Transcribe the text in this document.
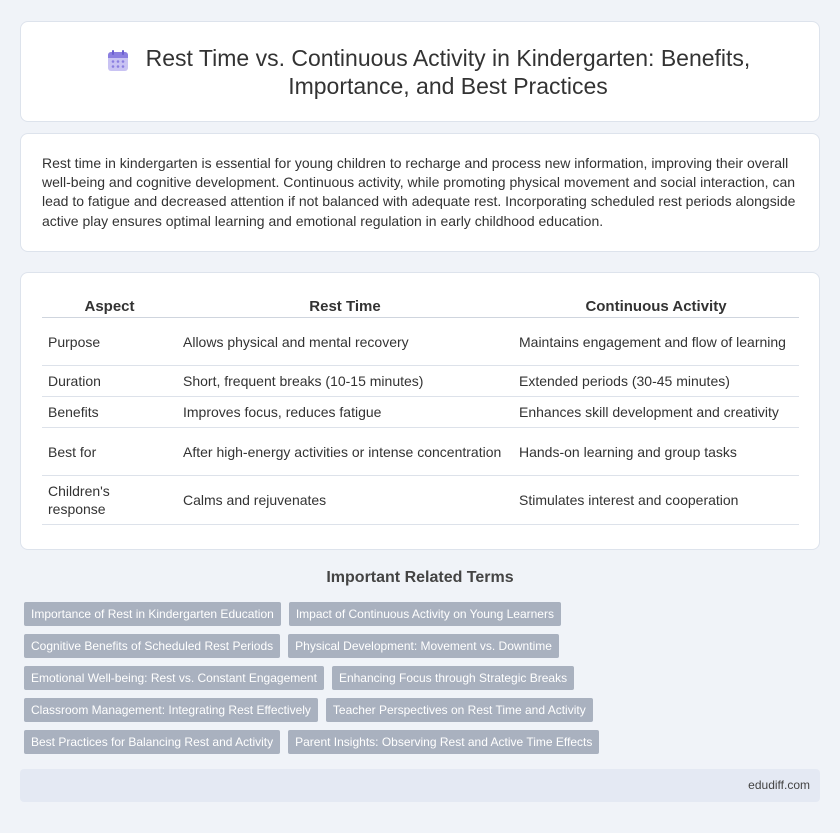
Rest Time vs. Continuous Activity in Kindergarten: Benefits, Importance, and Best Practices

Rest time in kindergarten is essential for young children to recharge and process new information, improving their overall well-being and cognitive development. Continuous activity, while promoting physical movement and social interaction, can lead to fatigue and decreased attention if not balanced with adequate rest. Incorporating scheduled rest periods alongside active play ensures optimal learning and emotional regulation in early childhood education.

Aspect	Rest Time	Continuous Activity
Purpose	Allows physical and mental recovery	Maintains engagement and flow of learning
Duration	Short, frequent breaks (10-15 minutes)	Extended periods (30-45 minutes)
Benefits	Improves focus, reduces fatigue	Enhances skill development and creativity
Best for	After high-energy activities or intense concentration	Hands-on learning and group tasks
Children's response	Calms and rejuvenates	Stimulates interest and cooperation
Important Related Terms
Importance of Rest in Kindergarten Education	Impact of Continuous Activity on Young Learners
Cognitive Benefits of Scheduled Rest Periods	Physical Development: Movement vs. Downtime
Emotional Well-being: Rest vs. Constant Engagement	Enhancing Focus through Strategic Breaks
Classroom Management: Integrating Rest Effectively	Teacher Perspectives on Rest Time and Activity
Best Practices for Balancing Rest and Activity	Parent Insights: Observing Rest and Active Time Effects
edudiff.com
